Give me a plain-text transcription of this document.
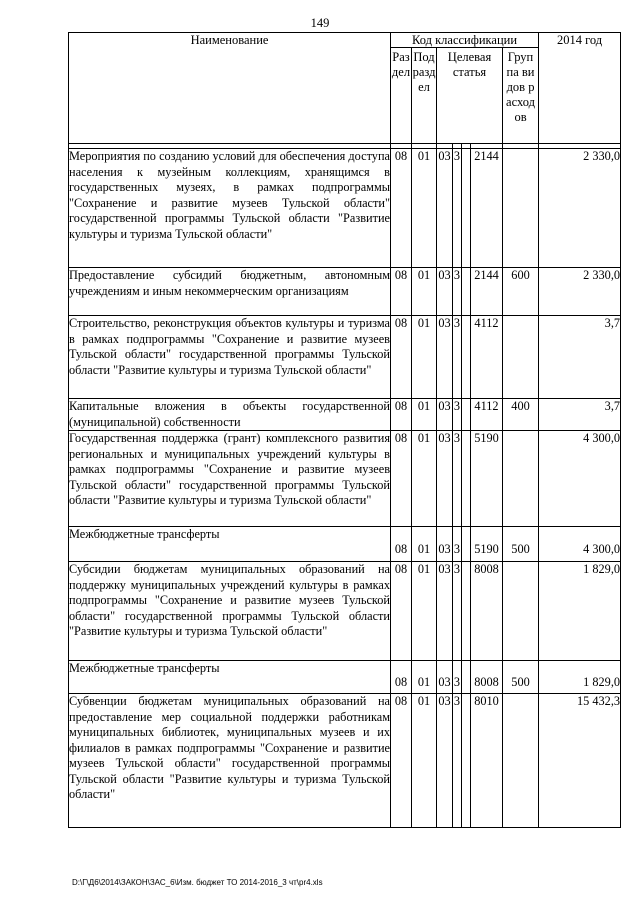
149
Наименование	Код классификации							2014 год

	Раздел	Подраздел	Целевая статья				Группа видов расходов	

Мероприятия по созданию условий для обеспечения доступа населения к музейным коллекциям, хранящимся в государственных музеях, в рамках подпрограммы "Сохранение и развитие музеев Тульской области" государственной программы Тульской области "Развитие культуры и туризма Тульской области"	08	01	03	3		2144		2 330,0
Предоставление субсидий бюджетным, автономным учреждениям и иным некоммерческим организациям	08	01	03	3		2144	600	2 330,0
Строительство, реконструкция объектов культуры и туризма в рамках подпрограммы "Сохранение и развитие музеев Тульской области" государственной программы Тульской области "Развитие культуры и туризма Тульской области"	08	01	03	3		4112		3,7
Капитальные вложения в объекты государственной (муниципальной) собственности	08	01	03	3		4112	400	3,7
Государственная поддержка (грант) комплексного развития региональных и муниципальных учреждений культуры в рамках подпрограммы "Сохранение и развитие музеев Тульской области" государственной программы Тульской области "Развитие культуры и туризма Тульской области"	08	01	03	3		5190		4 300,0
Межбюджетные трансферты	08	01	03	3		5190	500	4 300,0
Субсидии бюджетам муниципальных образований на поддержку муниципальных учреждений культуры в рамках подпрограммы "Сохранение и развитие музеев Тульской области" государственной программы Тульской области "Развитие культуры и туризма Тульской области"	08	01	03	3		8008		1 829,0
Межбюджетные трансферты	08	01	03	3		8008	500	1 829,0
Субвенции бюджетам муниципальных образований на предоставление мер социальной поддержки работникам муниципальных библиотек, муниципальных музеев и их филиалов в рамках подпрограммы "Сохранение и развитие музеев Тульской области" государственной программы Тульской области "Развитие культуры и туризма Тульской области"	08	01	03	3		8010		15 432,3
D:\Г\Д6\2014\ЗАКОН\ЗАС_6\Изм. бюджет ТО 2014-2016_3 чт\pr4.xls
